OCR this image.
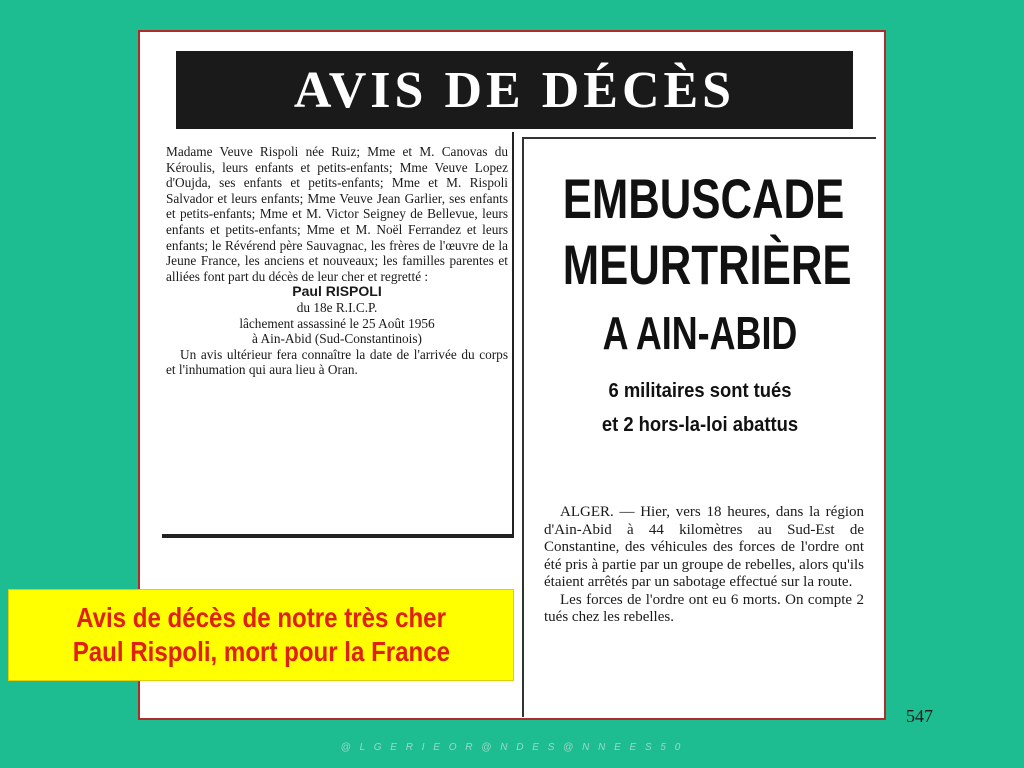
AVIS DE DÉCÈS
Madame Veuve Rispoli née Ruiz; Mme et M. Canovas du Kéroulis, leurs enfants et petits-enfants; Mme Veuve Lopez d'Oujda, ses enfants et petits-enfants; Mme et M. Rispoli Salvador et leurs enfants; Mme Veuve Jean Garlier, ses enfants et petits-enfants; Mme et M. Victor Seigney de Bellevue, leurs enfants et petits-enfants; Mme et M. Noël Ferrandez et leurs enfants; le Révérend père Sauvagnac, les frères de l'œuvre de la Jeune France, les anciens et nouveaux; les familles parentes et alliées font part du décès de leur cher et regretté :
Paul RISPOLI
du 18e R.I.C.P.
lâchement assassiné le 25 Août 1956
à Ain-Abid (Sud-Constantinois)
Un avis ultérieur fera connaître la date de l'arrivée du corps et l'inhumation qui aura lieu à Oran.
EMBUSCADE
MEURTRIÈRE
A AIN-ABID
6 militaires sont tués
et 2 hors-la-loi abattus

ALGER. — Hier, vers 18 heures, dans la région d'Ain-Abid à 44 kilomètres au Sud-Est de Constantine, des véhicules des forces de l'ordre ont été pris à partie par un groupe de rebelles, alors qu'ils étaient arrêtés par un sabotage effectué sur la route.

Les forces de l'ordre ont eu 6 morts. On compte 2 tués chez les rebelles.

Avis de décès de notre très cher
Paul Rispoli, mort pour la France
547
@ L G E R I E O R @ N D E S @ N N E E S 5 0
